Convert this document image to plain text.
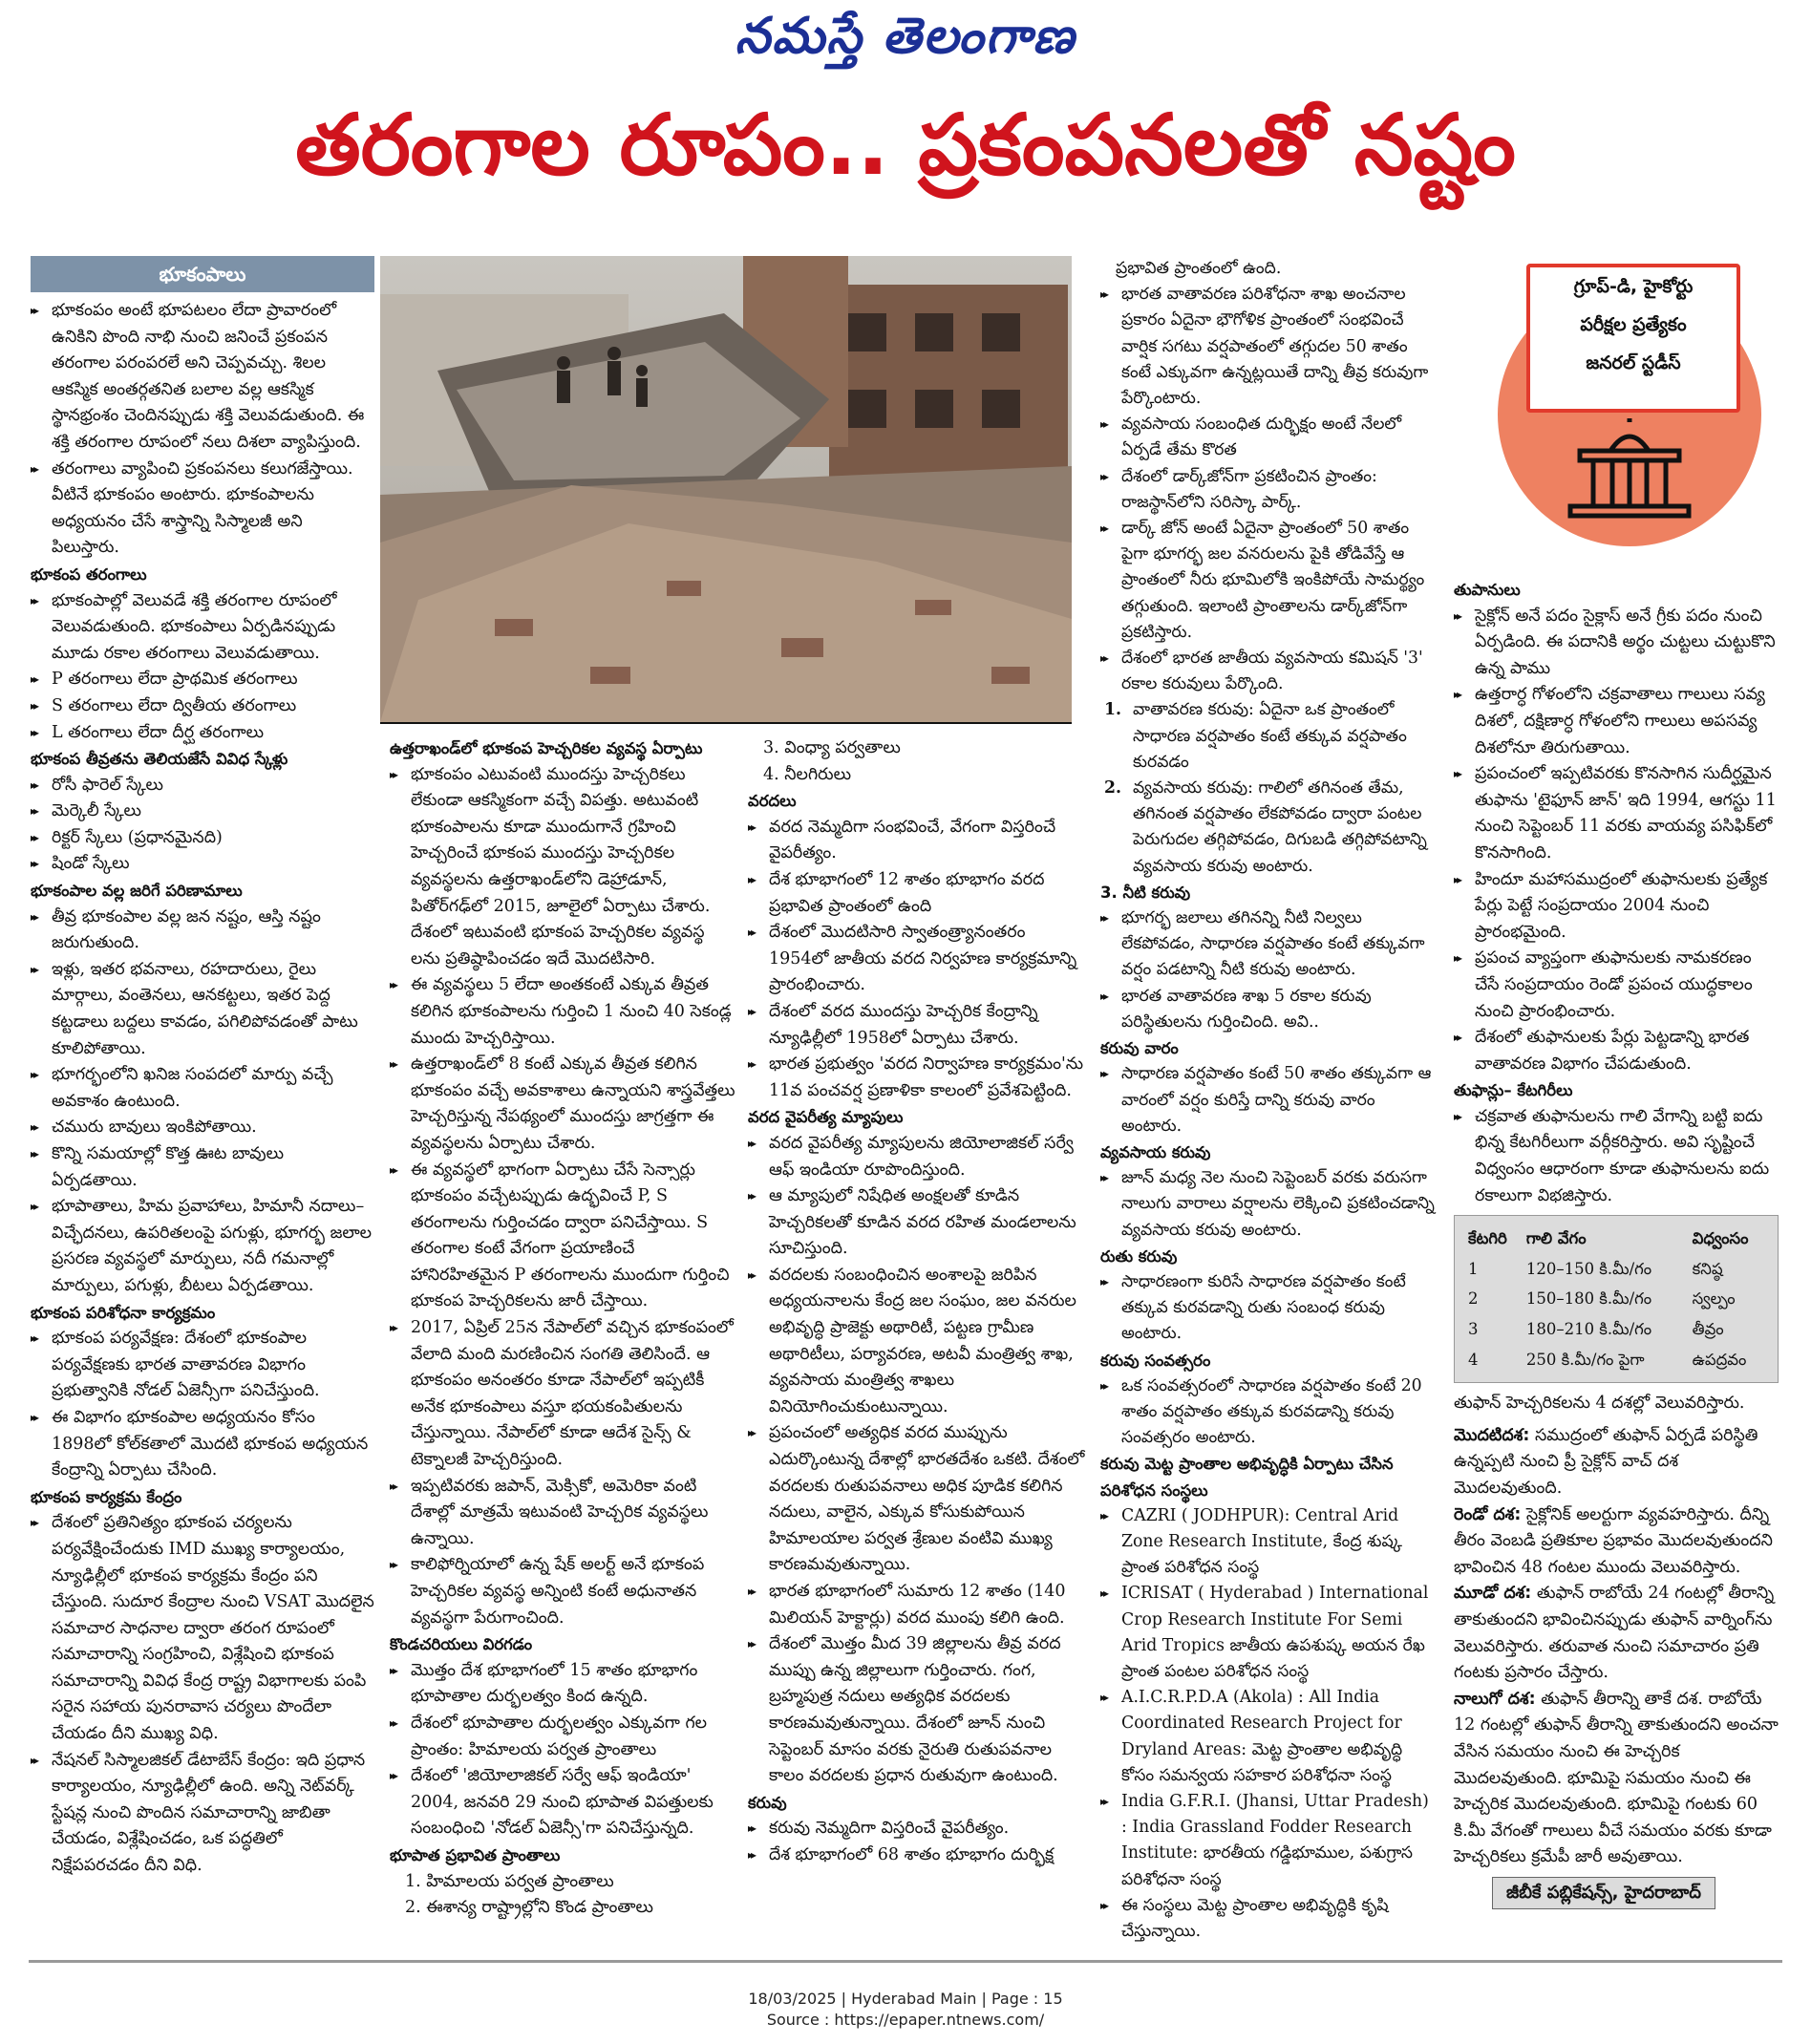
నమస్తే తెలంగాణ
తరంగాల రూపం.. ప్రకంపనలతో నష్టం
భూకంపాలు
▸▸ భూకంపం అంటే భూపటలం లేదా ప్రావారంలో ఉనికిని పొంది నాభి నుంచి జనించే ప్రకంపన తరంగాల పరంపరలే అని చెప్పవచ్చు. శిలల ఆకస్మిక అంతర్గతనిత బలాల వల్ల ఆకస్మిక స్థానభ్రంశం చెందినప్పుడు శక్తి వెలువడుతుంది. ఈ శక్తి తరంగాల రూపంలో నలు దిశలా వ్యాపిస్తుంది.
▸▸ తరంగాలు వ్యాపించి ప్రకంపనలు కలుగజేస్తాయి. వీటినే భూకంపం అంటారు. భూకంపాలను అధ్యయనం చేసే శాస్త్రాన్ని సిస్మాలజీ అని పిలుస్తారు.
భూకంప తరంగాలు
▸▸ భూకంపాల్లో వెలువడే శక్తి తరంగాల రూపంలో వెలువడుతుంది. భూకంపాలు ఏర్పడినప్పుడు మూడు రకాల తరంగాలు వెలువడుతాయి.
▸▸ P తరంగాలు లేదా ప్రాథమిక తరంగాలు
▸▸ S తరంగాలు లేదా ద్వితీయ తరంగాలు
▸▸ L తరంగాలు లేదా దీర్ఘ తరంగాలు
భూకంప తీవ్రతను తెలియజేసే వివిధ స్కేళ్లు
▸▸ రోసీ ఫారెల్ స్కేలు
▸▸ మెర్కెలీ స్కేలు
▸▸ రిక్టర్ స్కేలు (ప్రధానమైనది)
▸▸ షిండో స్కేలు
భూకంపాల వల్ల జరిగే పరిణామాలు
▸▸ తీవ్ర భూకంపాల వల్ల జన నష్టం, ఆస్తి నష్టం జరుగుతుంది.
▸▸ ఇళ్లు, ఇతర భవనాలు, రహదారులు, రైలు మార్గాలు, వంతెనలు, ఆనకట్టలు, ఇతర పెద్ద కట్టడాలు బద్దలు కావడం, పగిలిపోవడంతో పాటు కూలిపోతాయి.
▸▸ భూగర్భంలోని ఖనిజ సంపదలో మార్పు వచ్చే అవకాశం ఉంటుంది.
▸▸ చమురు బావులు ఇంకిపోతాయి.
▸▸ కొన్ని సమయాల్లో కొత్త ఊట బావులు ఏర్పడతాయి.
▸▸ భూపాతాలు, హిమ ప్రవాహాలు, హిమానీ నదాలు– విచ్ఛేదనలు, ఉపరితలంపై పగుళ్లు, భూగర్భ జలాల ప్రసరణ వ్యవస్థలో మార్పులు, నదీ గమనాల్లో మార్పులు, పగుళ్లు, బీటలు ఏర్పడతాయి.
భూకంప పరిశోధనా కార్యక్రమం
▸▸ భూకంప పర్యవేక్షణ: దేశంలో భూకంపాల పర్యవేక్షణకు భారత వాతావరణ విభాగం ప్రభుత్వానికి నోడల్ ఏజెన్సీగా పనిచేస్తుంది.
▸▸ ఈ విభాగం భూకంపాల అధ్యయనం కోసం 1898లో కోల్‌కతాలో మొదటి భూకంప అధ్యయన కేంద్రాన్ని ఏర్పాటు చేసింది.
భూకంప కార్యక్రమ కేంద్రం
▸▸ దేశంలో ప్రతినిత్యం భూకంప చర్యలను పర్యవేక్షించేందుకు IMD ముఖ్య కార్యాలయం, న్యూఢిల్లీలో భూకంప కార్యక్రమ కేంద్రం పని చేస్తుంది. సుదూర కేంద్రాల నుంచి VSAT మొదలైన సమాచార సాధనాల ద్వారా తరంగ రూపంలో సమాచారాన్ని సంగ్రహించి, విశ్లేషించి భూకంప సమాచారాన్ని వివిధ కేంద్ర రాష్ట్ర విభాగాలకు పంపి సరైన సహాయ పునరావాస చర్యలు పొందేలా చేయడం దీని ముఖ్య విధి.
▸▸ నేషనల్ సిస్మాలజికల్ డేటాబేస్ కేంద్రం: ఇది ప్రధాన కార్యాలయం, న్యూఢిల్లీలో ఉంది. అన్ని నెట్‌వర్క్ స్టేషన్ల నుంచి పొందిన సమాచారాన్ని జాబితా చేయడం, విశ్లేషించడం, ఒక పద్ధతిలో నిక్షేపపరచడం దీని విధి.
ఉత్తరాఖండ్‌లో భూకంప హెచ్చరికల వ్యవస్థ ఏర్పాటు
▸▸ భూకంపం ఎటువంటి ముందస్తు హెచ్చరికలు లేకుండా ఆకస్మికంగా వచ్చే విపత్తు. అటువంటి భూకంపాలను కూడా ముందుగానే గ్రహించి హెచ్చరించే భూకంప ముందస్తు హెచ్చరికల వ్యవస్థలను ఉత్తరాఖండ్‌లోని డెహ్రాడూన్, పితోర్‌గఢ్‌లో 2015, జూలైలో ఏర్పాటు చేశారు. దేశంలో ఇటువంటి భూకంప హెచ్చరికల వ్యవస్థ లను ప్రతిష్ఠాపించడం ఇదే మొదటిసారి.
▸▸ ఈ వ్యవస్థలు 5 లేదా అంతకంటే ఎక్కువ తీవ్రత కలిగిన భూకంపాలను గుర్తించి 1 నుంచి 40 సెకండ్ల ముందు హెచ్చరిస్తాయి.
▸▸ ఉత్తరాఖండ్‌లో 8 కంటే ఎక్కువ తీవ్రత కలిగిన భూకంపం వచ్చే అవకాశాలు ఉన్నాయని శాస్త్రవేత్తలు హెచ్చరిస్తున్న నేపథ్యంలో ముందస్తు జాగ్రత్తగా ఈ వ్యవస్థలను ఏర్పాటు చేశారు.
▸▸ ఈ వ్యవస్థలో భాగంగా ఏర్పాటు చేసే సెన్సార్లు భూకంపం వచ్చేటప్పుడు ఉద్భవించే P, S తరంగాలను గుర్తించడం ద్వారా పనిచేస్తాయి. S తరంగాల కంటే వేగంగా ప్రయాణించే హానిరహితమైన P తరంగాలను ముందుగా గుర్తించి భూకంప హెచ్చరికలను జారీ చేస్తాయి.
▸▸ 2017, ఏప్రిల్ 25న నేపాల్‌లో వచ్చిన భూకంపంలో వేలాది మంది మరణించిన సంగతి తెలిసిందే. ఆ భూకంపం అనంతరం కూడా నేపాల్‌లో ఇప్పటికీ అనేక భూకంపాలు వస్తూ భయకంపితులను చేస్తున్నాయి. నేపాల్‌లో కూడా ఆదేశ సైన్స్ & టెక్నాలజీ హెచ్చరిస్తుంది.
▸▸ ఇప్పటివరకు జపాన్, మెక్సికో, అమెరికా వంటి దేశాల్లో మాత్రమే ఇటువంటి హెచ్చరిక వ్యవస్థలు ఉన్నాయి.
▸▸ కాలిఫోర్నియాలో ఉన్న షేక్ అలర్ట్ అనే భూకంప హెచ్చరికల వ్యవస్థ అన్నింటి కంటే అధునాతన వ్యవస్థగా పేరుగాంచింది.
కొండచరియలు విరగడం
▸▸ మొత్తం దేశ భూభాగంలో 15 శాతం భూభాగం భూపాతాల దుర్భలత్వం కింద ఉన్నది.
▸▸ దేశంలో భూపాతాల దుర్భలత్వం ఎక్కువగా గల ప్రాంతం: హిమాలయ పర్వత ప్రాంతాలు
▸▸ దేశంలో 'జియోలాజికల్ సర్వే ఆఫ్ ఇండియా' 2004, జనవరి 29 నుంచి భూపాత విపత్తులకు సంబంధించి 'నోడల్ ఏజెన్సీ'గా పనిచేస్తున్నది.
భూపాత ప్రభావిత ప్రాంతాలు
1. హిమాలయ పర్వత ప్రాంతాలు
2. ఈశాన్య రాష్ట్రాల్లోని కొండ ప్రాంతాలు
3. వింధ్యా పర్వతాలు
4. నీలగిరులు
వరదలు
▸▸ వరద నెమ్మదిగా సంభవించే, వేగంగా విస్తరించే వైపరీత్యం.
▸▸ దేశ భూభాగంలో 12 శాతం భూభాగం వరద ప్రభావిత ప్రాంతంలో ఉంది
▸▸ దేశంలో మొదటిసారి స్వాతంత్ర్యానంతరం 1954లో జాతీయ వరద నిర్వహణ కార్యక్రమాన్ని ప్రారంభించారు.
▸▸ దేశంలో వరద ముందస్తు హెచ్చరిక కేంద్రాన్ని న్యూఢిల్లీలో 1958లో ఏర్పాటు చేశారు.
▸▸ భారత ప్రభుత్వం 'వరద నిర్వాహణ కార్యక్రమం'ను 11వ పంచవర్ష ప్రణాళికా కాలంలో ప్రవేశపెట్టింది.
వరద వైపరీత్య మ్యాపులు
▸▸ వరద వైపరీత్య మ్యాపులను జియోలాజికల్ సర్వే ఆఫ్ ఇండియా రూపొందిస్తుంది.
▸▸ ఆ మ్యాపులో నిషేధిత అంక్షలతో కూడిన హెచ్చరికలతో కూడిన వరద రహిత మండలాలను సూచిస్తుంది.
▸▸ వరదలకు సంబంధించిన అంశాలపై జరిపిన అధ్యయనాలను కేంద్ర జల సంఘం, జల వనరుల అభివృద్ధి ప్రాజెక్టు అథారిటీ, పట్టణ గ్రామీణ అథారిటీలు, పర్యావరణ, అటవీ మంత్రిత్వ శాఖ, వ్యవసాయ మంత్రిత్వ శాఖలు వినియోగించుకుంటున్నాయి.
▸▸ ప్రపంచంలో అత్యధిక వరద ముప్పును ఎదుర్కొంటున్న దేశాల్లో భారతదేశం ఒకటి. దేశంలో వరదలకు రుతుపవనాలు అధిక పూడిక కలిగిన నదులు, వాలైన, ఎక్కువ కోసుకుపోయిన హిమాలయాల పర్వత శ్రేణుల వంటివి ముఖ్య కారణమవుతున్నాయి.
▸▸ భారత భూభాగంలో సుమారు 12 శాతం (140 మిలియన్ హెక్టార్లు) వరద ముంపు కలిగి ఉంది.
▸▸ దేశంలో మొత్తం మీద 39 జిల్లాలను తీవ్ర వరద ముప్పు ఉన్న జిల్లాలుగా గుర్తించారు. గంగ, బ్రహ్మపుత్ర నదులు అత్యధిక వరదలకు కారణమవుతున్నాయి. దేశంలో జూన్ నుంచి సెప్టెంబర్ మాసం వరకు నైరుతి రుతుపవనాల కాలం వరదలకు ప్రధాన రుతువుగా ఉంటుంది.
కరువు
▸▸ కరువు నెమ్మదిగా విస్తరించే వైపరీత్యం.
▸▸ దేశ భూభాగంలో 68 శాతం భూభాగం దుర్భిక్ష
ప్రభావిత ప్రాంతంలో ఉంది.
▸▸ భారత వాతావరణ పరిశోధనా శాఖ అంచనాల ప్రకారం ఏదైనా భౌగోళిక ప్రాంతంలో సంభవించే వార్షిక సగటు వర్షపాతంలో తగ్గుదల 50 శాతం కంటే ఎక్కువగా ఉన్నట్లయితే దాన్ని తీవ్ర కరువుగా పేర్కొంటారు.
▸▸ వ్యవసాయ సంబంధిత దుర్భిక్షం అంటే నేలలో ఏర్పడే తేమ కొరత
▸▸ దేశంలో డార్క్‌జోన్‌గా ప్రకటించిన ప్రాంతం: రాజస్థాన్‌లోని సరిస్కా పార్క్.
▸▸ డార్క్ జోన్ అంటే ఏదైనా ప్రాంతంలో 50 శాతం పైగా భూగర్భ జల వనరులను పైకి తోడివేస్తే ఆ ప్రాంతంలో నీరు భూమిలోకి ఇంకిపోయే సామర్థ్యం తగ్గుతుంది. ఇలాంటి ప్రాంతాలను డార్క్‌జోన్‌గా ప్రకటిస్తారు.
▸▸ దేశంలో భారత జాతీయ వ్యవసాయ కమిషన్ '3' రకాల కరువులు పేర్కొంది.
1. వాతావరణ కరువు: ఏదైనా ఒక ప్రాంతంలో సాధారణ వర్షపాతం కంటే తక్కువ వర్షపాతం కురవడం
2. వ్యవసాయ కరువు: గాలిలో తగినంత తేమ, తగినంత వర్షపాతం లేకపోవడం ద్వారా పంటల పెరుగుదల తగ్గిపోవడం, దిగుబడి తగ్గిపోవటాన్ని వ్యవసాయ కరువు అంటారు.
3. నీటి కరువు
▸▸ భూగర్భ జలాలు తగినన్ని నీటి నిల్వలు లేకపోవడం, సాధారణ వర్షపాతం కంటే తక్కువగా వర్షం పడటాన్ని నీటి కరువు అంటారు.
▸▸ భారత వాతావరణ శాఖ 5 రకాల కరువు పరిస్థితులను గుర్తించింది. అవి..
కరువు వారం
▸▸ సాధారణ వర్షపాతం కంటే 50 శాతం తక్కువగా ఆ వారంలో వర్షం కురిస్తే దాన్ని కరువు వారం అంటారు.
వ్యవసాయ కరువు
▸▸ జూన్ మధ్య నెల నుంచి సెప్టెంబర్ వరకు వరుసగా నాలుగు వారాలు వర్షాలను లెక్కించి ప్రకటించడాన్ని వ్యవసాయ కరువు అంటారు.
రుతు కరువు
▸▸ సాధారణంగా కురిసే సాధారణ వర్షపాతం కంటే తక్కువ కురవడాన్ని రుతు సంబంధ కరువు అంటారు.
కరువు సంవత్సరం
▸▸ ఒక సంవత్సరంలో సాధారణ వర్షపాతం కంటే 20 శాతం వర్షపాతం తక్కువ కురవడాన్ని కరువు సంవత్సరం అంటారు.
కరువు మెట్ట ప్రాంతాల అభివృద్ధికి ఏర్పాటు చేసిన పరిశోధన సంస్థలు
▸▸ CAZRI ( JODHPUR): Central Arid Zone Research Institute, కేంద్ర శుష్క ప్రాంత పరిశోధన సంస్థ
▸▸ ICRISAT ( Hyderabad ) International Crop Research Institute For Semi Arid Tropics జాతీయ ఉపశుష్క అయన రేఖ ప్రాంత పంటల పరిశోధన సంస్థ
▸▸ A.I.C.R.P.D.A (Akola) : All India Coordinated Research Project for Dryland Areas: మెట్ట ప్రాంతాల అభివృద్ధి కోసం సమన్వయ సహకార పరిశోధనా సంస్థ
▸▸ India G.F.R.I. (Jhansi, Uttar Pradesh) : India Grassland Fodder Research Institute: భారతీయ గడ్డిభూముల, పశుగ్రాస పరిశోధనా సంస్థ
▸▸ ఈ సంస్థలు మెట్ట ప్రాంతాల అభివృద్ధికి కృషి చేస్తున్నాయి.
గ్రూప్-డి, హైకోర్టు
పరీక్షల ప్రత్యేకం
జనరల్ స్టడీస్
తుపానులు
▸▸ సైక్లోన్ అనే పదం సైక్లాస్ అనే గ్రీకు పదం నుంచి ఏర్పడింది. ఈ పదానికి అర్థం చుట్టలు చుట్టుకొని ఉన్న పాము
▸▸ ఉత్తరార్ధ గోళంలోని చక్రవాతాలు గాలులు సవ్య దిశలో, దక్షిణార్ధ గోళంలోని గాలులు అపసవ్య దిశలోనూ తిరుగుతాయి.
▸▸ ప్రపంచంలో ఇప్పటివరకు కొనసాగిన సుదీర్ఘమైన తుఫాను 'టైఫూన్ జాన్' ఇది 1994, ఆగస్టు 11 నుంచి సెప్టెంబర్ 11 వరకు వాయవ్య పసిఫిక్‌లో కొనసాగింది.
▸▸ హిందూ మహాసముద్రంలో తుఫానులకు ప్రత్యేక పేర్లు పెట్టే సంప్రదాయం 2004 నుంచి ప్రారంభమైంది.
▸▸ ప్రపంచ వ్యాప్తంగా తుఫానులకు నామకరణం చేసే సంప్రదాయం రెండో ప్రపంచ యుద్ధకాలం నుంచి ప్రారంభించారు.
▸▸ దేశంలో తుఫానులకు పేర్లు పెట్టడాన్ని భారత వాతావరణ విభాగం చేపడుతుంది.
తుఫాన్లు– కేటగిరీలు
▸▸ చక్రవాత తుఫానులను గాలి వేగాన్ని బట్టి ఐదు భిన్న కేటగిరీలుగా వర్గీకరిస్తారు. అవి సృష్టించే విధ్వంసం ఆధారంగా కూడా తుఫానులను ఐదు రకాలుగా విభజిస్తారు.
కేటగిరి	గాలి వేగం	విధ్వంసం
1	120–150 కి.మీ/గం	కనిష్ఠ
2	150–180 కి.మీ/గం	స్వల్పం
3	180–210 కి.మీ/గం	తీవ్రం
4	250 కి.మీ/గం పైగా	ఉపద్రవం
తుఫాన్ హెచ్చరికలను 4 దశల్లో వెలువరిస్తారు.
మొదటిదశ: సముద్రంలో తుఫాన్ ఏర్పడే పరిస్థితి ఉన్నప్పటి నుంచి ప్రీ సైక్లోన్ వాచ్ దశ మొదలవుతుంది.
రెండో దశ: సైక్లోనిక్ అలర్టుగా వ్యవహరిస్తారు. దీన్ని తీరం వెంబడి ప్రతికూల ప్రభావం మొదలవుతుందని భావించిన 48 గంటల ముందు వెలువరిస్తారు.
మూడో దశ: తుఫాన్ రాబోయే 24 గంటల్లో తీరాన్ని తాకుతుందని భావించినప్పుడు తుఫాన్ వార్నింగ్‌ను వెలువరిస్తారు. తరువాత నుంచి సమాచారం ప్రతి గంటకు ప్రసారం చేస్తారు.
నాలుగో దశ: తుఫాన్ తీరాన్ని తాకే దశ. రాబోయే 12 గంటల్లో తుఫాన్ తీరాన్ని తాకుతుందని అంచనా వేసిన సమయం నుంచి ఈ హెచ్చరిక మొదలవుతుంది. భూమిపై సమయం నుంచి ఈ హెచ్చరిక మొదలవుతుంది. భూమిపై గంటకు 60 కి.మీ వేగంతో గాలులు వీచే సమయం వరకు కూడా హెచ్చరికలు క్రమేపీ జారీ అవుతాయి.
జీబీకే పబ్లికేషన్స్, హైదరాబాద్
18/03/2025 | Hyderabad Main | Page : 15
Source : https://epaper.ntnews.com/
